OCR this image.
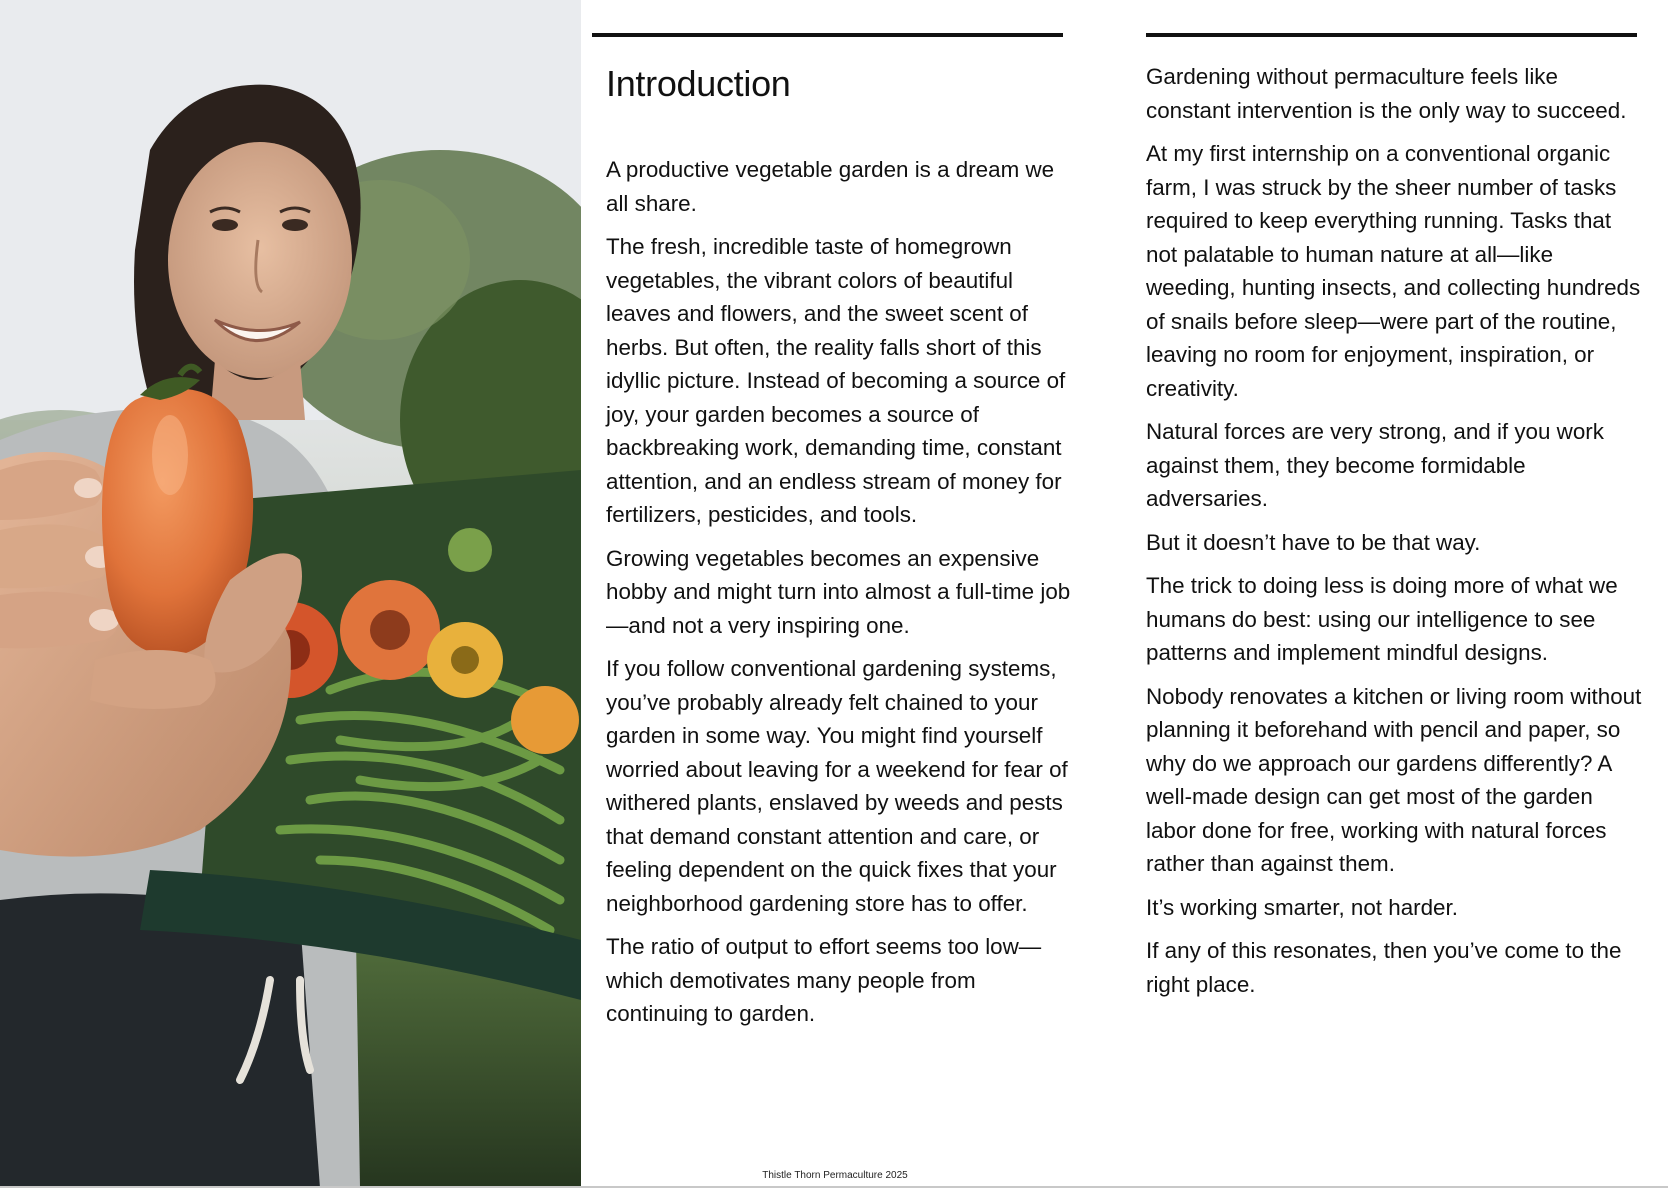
Introduction

A productive vegetable garden is a dream we all share.

The fresh, incredible taste of homegrown vegetables, the vibrant colors of beautiful leaves and flowers, and the sweet scent of herbs. But often, the reality falls short of this idyllic picture. Instead of becoming a source of joy, your garden becomes a source of backbreaking work, demanding time, constant attention, and an endless stream of money for fertilizers, pesticides, and tools.

Growing vegetables becomes an expensive hobby and might turn into almost a full-time job—and not a very inspiring one.

If you follow conventional gardening systems, you’ve probably already felt chained to your garden in some way. You might find yourself worried about leaving for a weekend for fear of withered plants, enslaved by weeds and pests that demand constant attention and care, or feeling dependent on the quick fixes that your neighborhood gardening store has to offer.

The ratio of output to effort seems too low—which demotivates many people from continuing to garden.

Gardening without permaculture feels like constant intervention is the only way to succeed.

At my first internship on a conventional organic farm, I was struck by the sheer number of tasks required to keep everything running. Tasks that not palatable to human nature at all—like weeding, hunting insects, and collecting hundreds of snails before sleep—were part of the routine, leaving no room for enjoyment, inspiration, or creativity.

Natural forces are very strong, and if you work against them, they become formidable adversaries.

But it doesn’t have to be that way.

The trick to doing less is doing more of what we humans do best: using our intelligence to see patterns and implement mindful designs.

Nobody renovates a kitchen or living room without planning it beforehand with pencil and paper, so why do we approach our gardens differently? A well-made design can get most of the garden labor done for free, working with natural forces rather than against them.

It’s working smarter, not harder.

If any of this resonates, then you’ve come to the right place.

Thistle Thorn Permaculture 2025
